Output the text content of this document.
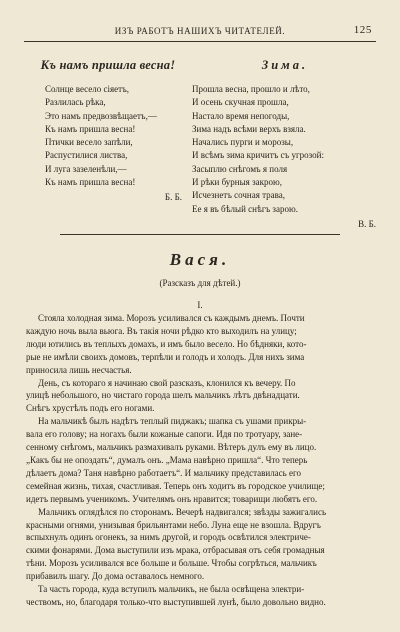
ИЗЪ РАБОТЪ НАШИХЪ ЧИТАТЕЛЕЙ.	125
Къ намъ пришла весна!
Солнце весело сіяетъ,
Разлилась рѣка,
Это намъ предвозвѣщаетъ,—
Къ намъ пришла весна!
Птички весело запѣли,
Распустилися листва,
И луга зазеленѣли,—
Къ намъ пришла весна!
Б. Б.
Зима.
Прошла весна, прошло и лѣто,
И осень скучная прошла,
Настало время непогоды,
Зима надъ всѣми верхъ взяла.
Начались пурги и морозы,
И всѣмъ зима кричитъ съ угрозой:
Засыплю снѣгомъ я поля
И рѣки бурныя закрою,
Исчезнетъ сочная трава,
Ее я въ бѣлый снѣгъ зарою.
В. Б.
Вася.
(Разсказъ для дѣтей.)
I.
Стояла холодная зима. Морозъ усиливался съ каждымъ днемъ. Почти
каждую ночь выла вьюга. Въ такія ночи рѣдко кто выходилъ на улицу;
люди ютились въ теплыхъ домахъ, и имъ было весело. Но бѣдняки, кото-
рые не имѣли своихъ домовъ, терпѣли и голодъ и холодъ. Для нихъ зима
приносила лишь несчастья.
День, съ котораго я начинаю свой разсказъ, клонился къ вечеру. По
улицѣ небольшого, но чистаго города шелъ мальчикъ лѣтъ двѣнадцати.
Снѣгъ хрустѣлъ подъ его ногами.
На мальчикѣ былъ надѣтъ теплый пиджакъ; шапка съ ушами прикры-
вала его голову; на ногахъ были кожаные сапоги. Идя по тротуару, зане-
сенному снѣгомъ, мальчикъ размахивалъ руками. Вѣтеръ дулъ ему въ лицо.
„Какъ бы не опоздать“, думалъ онъ. „Мама навѣрно пришла“. Что теперь
дѣлаетъ дома? Таня навѣрно работаетъ“. И мальчику представилась его
семейная жизнь, тихая, счастливая. Теперь онъ ходитъ въ городское училище;
идетъ первымъ ученикомъ. Учителямъ онъ нравится; товарищи любятъ его.
Мальчикъ оглядѣлся по сторонамъ. Вечерѣ надвигался; звѣзды зажигались
красными огнями, унизывая брильянтами небо. Луна еще не взошла. Вдругъ
вспыхнулъ одинъ огонекъ, за нимъ другой, и городъ освѣтился электриче-
скими фонарями. Дома выступили изъ мрака, отбрасывая отъ себя громадныя
тѣни. Морозъ усиливался все больше и больше. Чтобы согрѣться, мальчикъ
прибавилъ шагу. До дома оставалось немного.
Та часть города, куда вступилъ мальчикъ, не была освѣщена электри-
чествомъ, но, благодаря только-что выступившей лунѣ, было довольно видно.
